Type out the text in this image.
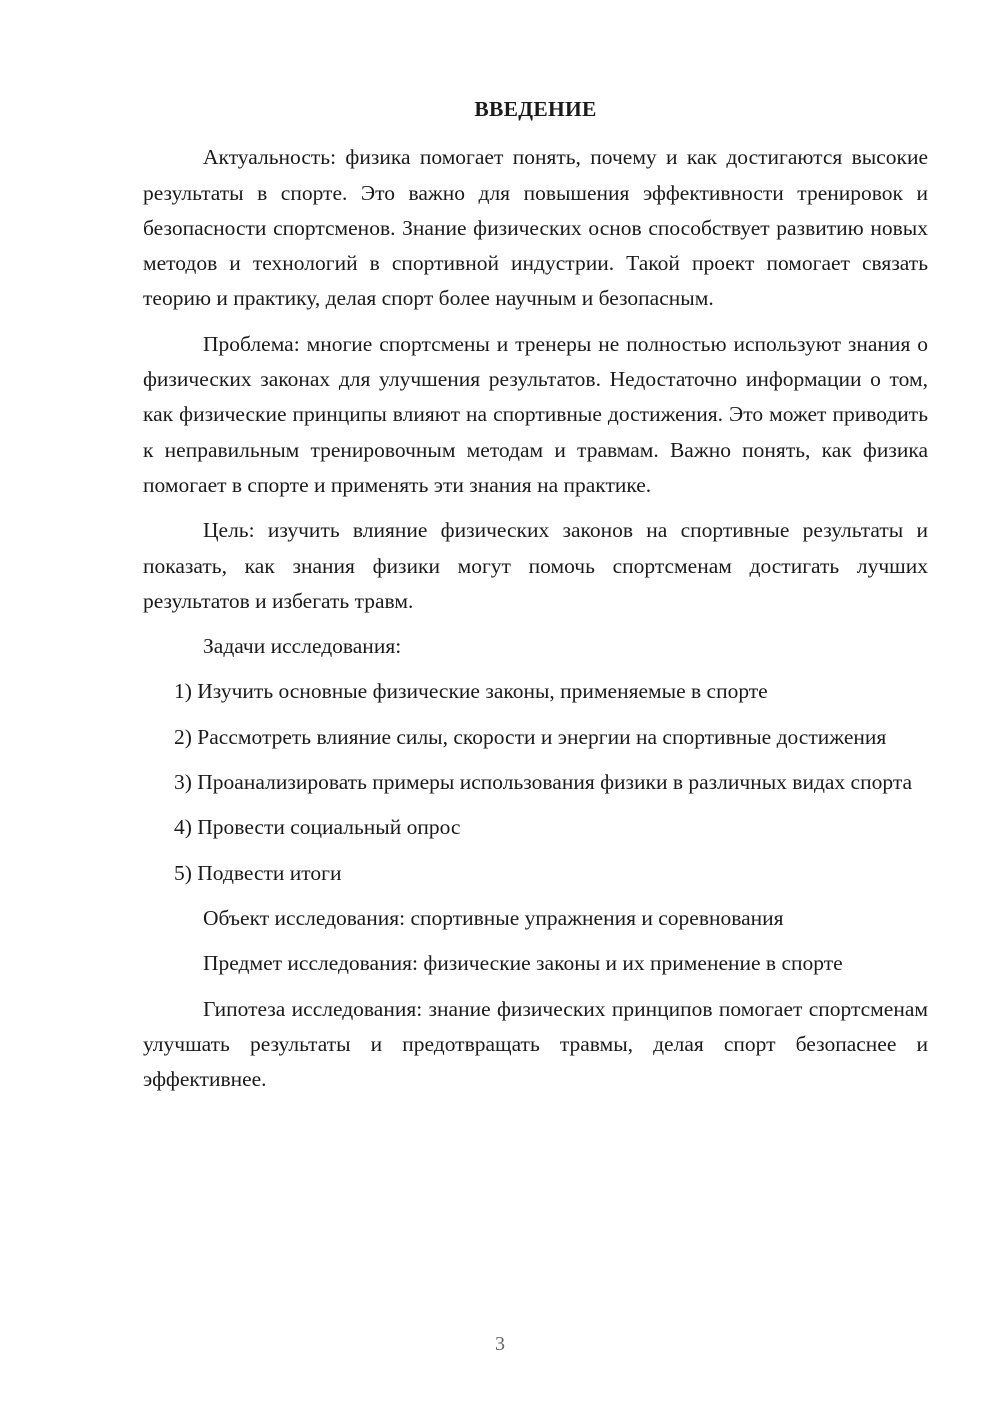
ВВЕДЕНИЕ

Актуальность: физика помогает понять, почему и как достигаются высокие результаты в спорте. Это важно для повышения эффективности тренировок и безопасности спортсменов. Знание физических основ способствует развитию новых методов и технологий в спортивной индустрии. Такой проект помогает связать теорию и практику, делая спорт более научным и безопасным.

Проблема: многие спортсмены и тренеры не полностью используют знания о физических законах для улучшения результатов. Недостаточно информации о том, как физические принципы влияют на спортивные достижения. Это может приводить к неправильным тренировочным методам и травмам. Важно понять, как физика помогает в спорте и применять эти знания на практике.

Цель: изучить влияние физических законов на спортивные результаты и показать, как знания физики могут помочь спортсменам достигать лучших результатов и избегать травм.

Задачи исследования:

1) Изучить основные физические законы, применяемые в спорте

2) Рассмотреть влияние силы, скорости и энергии на спортивные достижения

3) Проанализировать примеры использования физики в различных видах спорта

4) Провести социальный опрос

5) Подвести итоги

Объект исследования: спортивные упражнения и соревнования

Предмет исследования: физические законы и их применение в спорте

Гипотеза исследования: знание физических принципов помогает спортсменам улучшать результаты и предотвращать травмы, делая спорт безопаснее и эффективнее.

3
